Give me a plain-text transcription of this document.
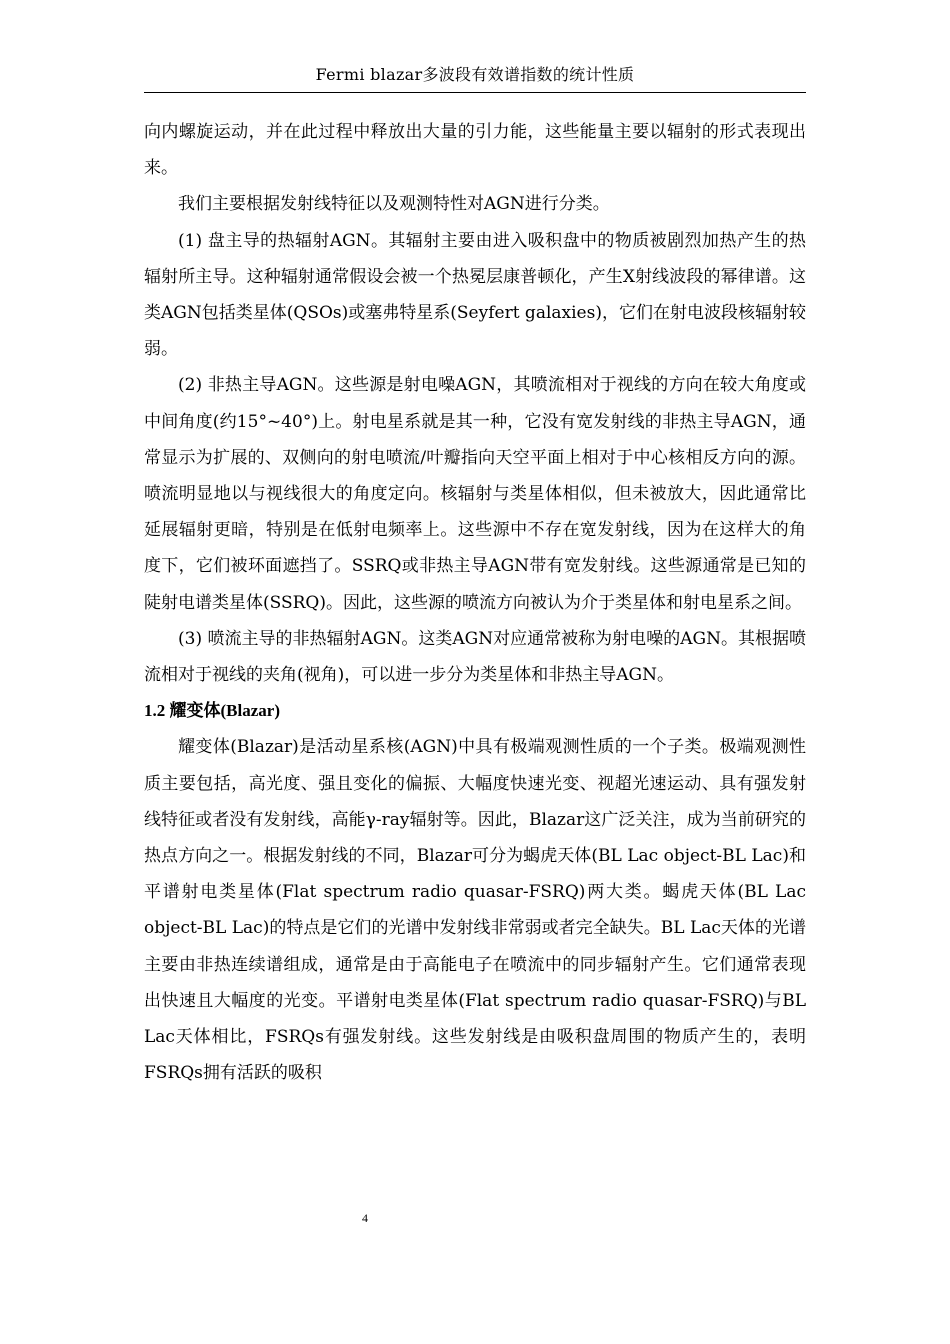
Fermi blazar多波段有效谱指数的统计性质

向内螺旋运动，并在此过程中释放出大量的引力能，这些能量主要以辐射的形式表现出来。

我们主要根据发射线特征以及观测特性对AGN进行分类。

(1) 盘主导的热辐射AGN。其辐射主要由进入吸积盘中的物质被剧烈加热产生的热辐射所主导。这种辐射通常假设会被一个热冕层康普顿化，产生X射线波段的幂律谱。这类AGN包括类星体(QSOs)或塞弗特星系(Seyfert galaxies)，它们在射电波段核辐射较弱。

(2) 非热主导AGN。这些源是射电噪AGN，其喷流相对于视线的方向在较大角度或中间角度(约15°~40°)上。射电星系就是其一种，它没有宽发射线的非热主导AGN，通常显示为扩展的、双侧向的射电喷流/叶瓣指向天空平面上相对于中心核相反方向的源。喷流明显地以与视线很大的角度定向。核辐射与类星体相似，但未被放大，因此通常比延展辐射更暗，特别是在低射电频率上。这些源中不存在宽发射线，因为在这样大的角度下，它们被环面遮挡了。SSRQ或非热主导AGN带有宽发射线。这些源通常是已知的陡射电谱类星体(SSRQ)。因此，这些源的喷流方向被认为介于类星体和射电星系之间。

(3) 喷流主导的非热辐射AGN。这类AGN对应通常被称为射电噪的AGN。其根据喷流相对于视线的夹角(视角)，可以进一步分为类星体和非热主导AGN。

1.2 耀变体(Blazar)

耀变体(Blazar)是活动星系核(AGN)中具有极端观测性质的一个子类。极端观测性质主要包括，高光度、强且变化的偏振、大幅度快速光变、视超光速运动、具有强发射线特征或者没有发射线，高能γ-ray辐射等。因此，Blazar这广泛关注，成为当前研究的热点方向之一。根据发射线的不同，Blazar可分为蝎虎天体(BL Lac object-BL Lac)和平谱射电类星体(Flat spectrum radio quasar-FSRQ)两大类。蝎虎天体(BL Lac object-BL Lac)的特点是它们的光谱中发射线非常弱或者完全缺失。BL Lac天体的光谱主要由非热连续谱组成，通常是由于高能电子在喷流中的同步辐射产生。它们通常表现出快速且大幅度的光变。平谱射电类星体(Flat spectrum radio quasar-FSRQ)与BL Lac天体相比，FSRQs有强发射线。这些发射线是由吸积盘周围的物质产生的，表明FSRQs拥有活跃的吸积

4
